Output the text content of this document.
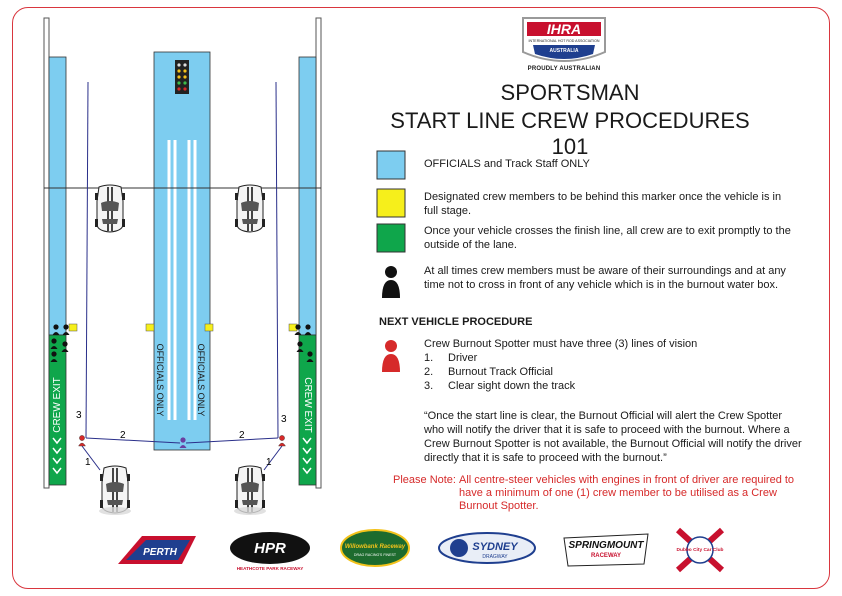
CREW EXIT	CREW EXIT
OFFICIALS ONLY	OFFICIALS ONLY
3	3
2	2
1	1
IHRA
INTERNATIONAL HOT ROD ASSOCIATION
AUSTRALIA
PROUDLY AUSTRALIAN
SPORTSMAN
START LINE CREW PROCEDURES 101
OFFICIALS and Track Staff ONLY
Designated crew members to be behind this marker once the vehicle is in full stage.
Once your vehicle crosses the finish line, all crew are to exit promptly to the outside of the lane.
At all times crew members must be aware of their surroundings and at any time not to cross in front of any vehicle which is in the burnout water box.
NEXT VEHICLE PROCEDURE
Crew Burnout Spotter must have three (3) lines of vision
1. Driver
2. Burnout Track Official
3. Clear sight down the track
“Once the start line is clear, the Burnout Official will alert the Crew Spotter who will notify the driver that it is safe to proceed with the burnout. Where a Crew Burnout Spotter is not available, the Burnout Official will notify the driver directly that it is safe to proceed with the burnout.”
Please Note: All centre-steer vehicles with engines in front of driver are required to have a minimum of one (1) crew member to be utilised as a Crew Burnout Spotter.
PERTH	HPR
HEATHCOTE PARK RACEWAY
Willowbank Raceway
DRAG RACING'S FINEST
SYDNEY
DRAGWAY
SPRINGMOUNT
RACEWAY
Dubbo City Car Club
